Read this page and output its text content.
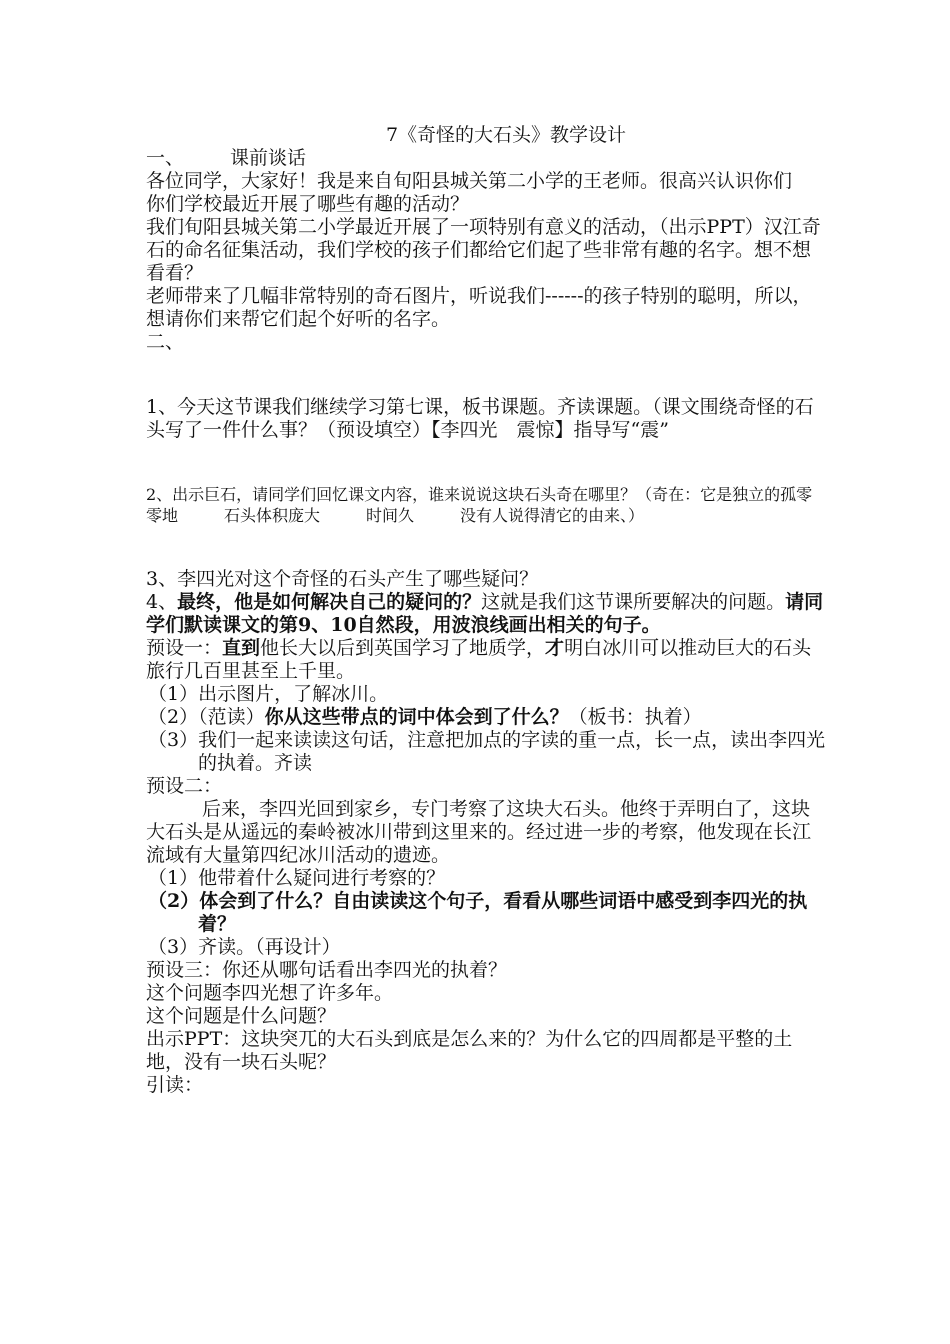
7《奇怪的大石头》教学设计

一、 课前谈话

各位同学，大家好！我是来自旬阳县城关第二小学的王老师。很高兴认识你们

你们学校最近开展了哪些有趣的活动？

我们旬阳县城关第二小学最近开展了一项特别有意义的活动，（出示PPT）汉江奇石的命名征集活动，我们学校的孩子们都给它们起了些非常有趣的名字。想不想看看？

老师带来了几幅非常特别的奇石图片，听说我们------的孩子特别的聪明，所以，想请你们来帮它们起个好听的名字。

二、

1、今天这节课我们继续学习第七课，板书课题。齐读课题。（课文围绕奇怪的石头写了一件什么事？（预设填空）【李四光　震惊】指导写“震”

2、出示巨石，请同学们回忆课文内容，谁来说说这块石头奇在哪里？（奇在：它是独立的孤零零地	石头体积庞大	时间久	没有人说得清它的由来、）

3、李四光对这个奇怪的石头产生了哪些疑问？

4、最终，他是如何解决自己的疑问的？这就是我们这节课所要解决的问题。请同学们默读课文的第9、10自然段，用波浪线画出相关的句子。

预设一：直到他长大以后到英国学习了地质学，才明白冰川可以推动巨大的石头旅行几百里甚至上千里。

（1）出示图片，了解冰川。

（2）（范读）你从这些带点的词中体会到了什么？（板书：执着）

（3）我们一起来读读这句话，注意把加点的字读的重一点，长一点，读出李四光的执着。齐读

预设二：

后来，李四光回到家乡，专门考察了这块大石头。他终于弄明白了，这块大石头是从遥远的秦岭被冰川带到这里来的。经过进一步的考察，他发现在长江流域有大量第四纪冰川活动的遗迹。

（1）他带着什么疑问进行考察的？

（2）体会到了什么？自由读读这个句子，看看从哪些词语中感受到李四光的执着？

（3）齐读。（再设计）

预设三：你还从哪句话看出李四光的执着？

这个问题李四光想了许多年。

这个问题是什么问题？

出示PPT：这块突兀的大石头到底是怎么来的？为什么它的四周都是平整的土地，没有一块石头呢？

引读：
